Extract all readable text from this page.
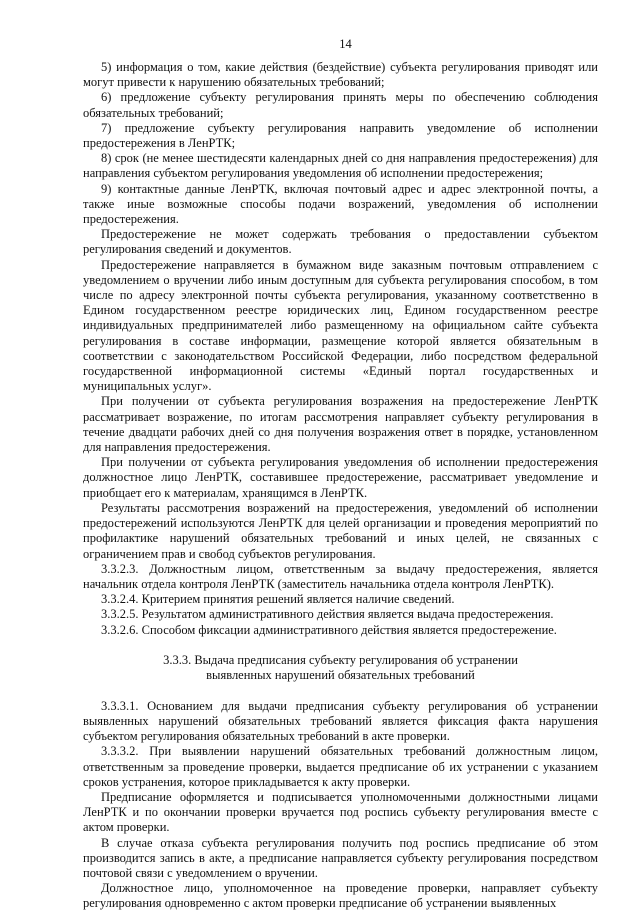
14

5) информация о том, какие действия (бездействие) субъекта регулирования приводят или могут привести к нарушению обязательных требований;

6) предложение субъекту регулирования принять меры по обеспечению соблюдения обязательных требований;

7) предложение субъекту регулирования направить уведомление об исполнении предостережения в ЛенРТК;

8) срок (не менее шестидесяти календарных дней со дня направления предостережения) для направления субъектом регулирования уведомления об исполнении предостережения;

9) контактные данные ЛенРТК, включая почтовый адрес и адрес электронной почты, а также иные возможные способы подачи возражений, уведомления об исполнении предостережения.

Предостережение не может содержать требования о предоставлении субъектом регулирования сведений и документов.

Предостережение направляется в бумажном виде заказным почтовым отправлением с уведомлением о вручении либо иным доступным для субъекта регулирования способом, в том числе по адресу электронной почты субъекта регулирования, указанному соответственно в Едином государственном реестре юридических лиц, Едином государственном реестре индивидуальных предпринимателей либо размещенному на официальном сайте субъекта регулирования в составе информации, размещение которой является обязательным в соответствии с законодательством Российской Федерации, либо посредством федеральной государственной информационной системы «Единый портал государственных и муниципальных услуг».

При получении от субъекта регулирования возражения на предостережение ЛенРТК рассматривает возражение, по итогам рассмотрения направляет субъекту регулирования в течение двадцати рабочих дней со дня получения возражения ответ в порядке, установленном для направления предостережения.

При получении от субъекта регулирования уведомления об исполнении предостережения должностное лицо ЛенРТК, составившее предостережение, рассматривает уведомление и приобщает его к материалам, хранящимся в ЛенРТК.

Результаты рассмотрения возражений на предостережения, уведомлений об исполнении предостережений используются ЛенРТК для целей организации и проведения мероприятий по профилактике нарушений обязательных требований и иных целей, не связанных с ограничением прав и свобод субъектов регулирования.

3.3.2.3. Должностным лицом, ответственным за выдачу предостережения, является начальник отдела контроля ЛенРТК (заместитель начальника отдела контроля ЛенРТК).

3.3.2.4. Критерием принятия решений является наличие сведений.

3.3.2.5. Результатом административного действия является выдача предостережения.

3.3.2.6. Способом фиксации административного действия является предостережение.

3.3.3. Выдача предписания субъекту регулирования об устранении
выявленных нарушений обязательных требований

3.3.3.1. Основанием для выдачи предписания субъекту регулирования об устранении выявленных нарушений обязательных требований является фиксация факта нарушения субъектом регулирования обязательных требований в акте проверки.

3.3.3.2. При выявлении нарушений обязательных требований должностным лицом, ответственным за проведение проверки, выдается предписание об их устранении с указанием сроков устранения, которое прикладывается к акту проверки.

Предписание оформляется и подписывается уполномоченными должностными лицами ЛенРТК и по окончании проверки вручается под роспись субъекту регулирования вместе с актом проверки.

В случае отказа субъекта регулирования получить под роспись предписание об этом производится запись в акте, а предписание направляется субъекту регулирования посредством почтовой связи с уведомлением о вручении.

Должностное лицо, уполномоченное на проведение проверки, направляет субъекту регулирования одновременно с актом проверки предписание об устранении выявленных
